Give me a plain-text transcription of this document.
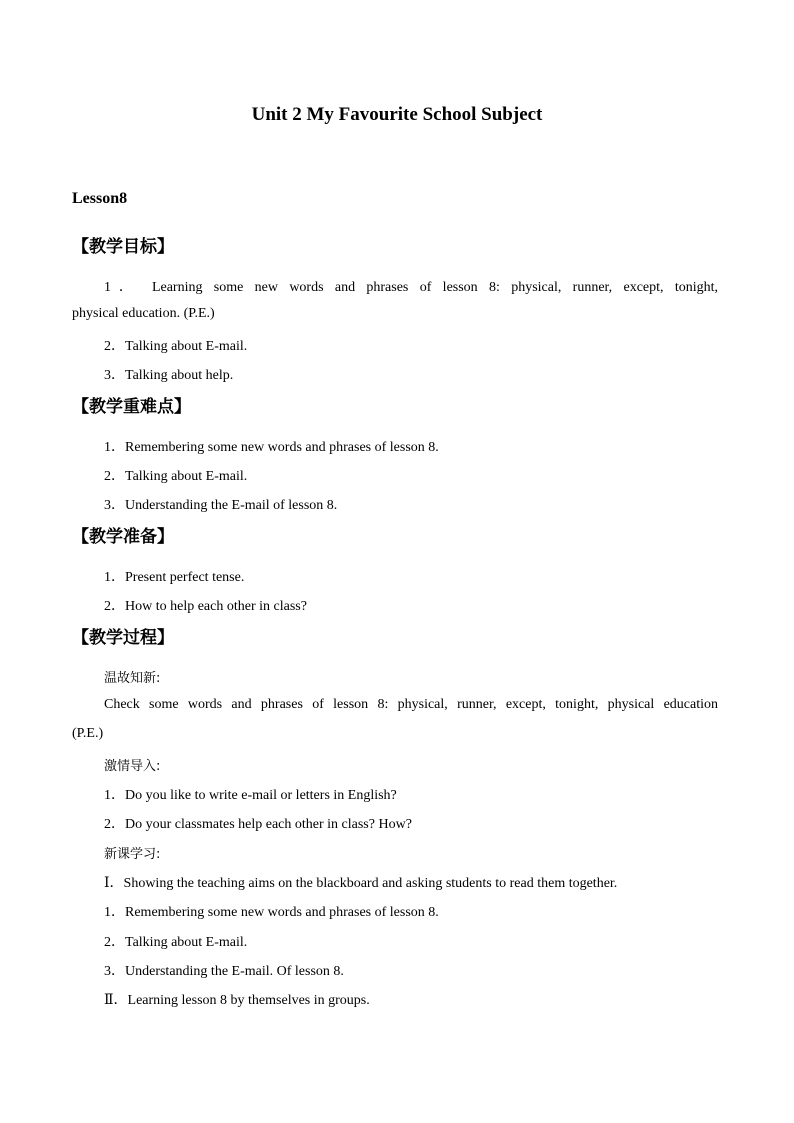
Unit 2 My Favourite School Subject
Lesson8
【教学目标】
1． Learning some new words and phrases of lesson 8: physical, runner, except, tonight,
physical education. (P.E.)
2．Talking about E-mail.
3．Talking about help.
【教学重难点】
1．Remembering some new words and phrases of lesson 8.
2．Talking about E-mail.
3．Understanding the E-mail of lesson 8.
【教学准备】
1．Present perfect tense.
2．How to help each other in class?
【教学过程】
温故知新:
Check some words and phrases of lesson 8: physical, runner, except, tonight, physical education
(P.E.)
激情导入:
1．Do you like to write e-mail or letters in English?
2．Do your classmates help each other in class? How?
新课学习:
Ⅰ．Showing the teaching aims on the blackboard and asking students to read them together.
1．Remembering some new words and phrases of lesson 8.
2．Talking about E-mail.
3．Understanding the E-mail. Of lesson 8.
Ⅱ．Learning lesson 8 by themselves in groups.
